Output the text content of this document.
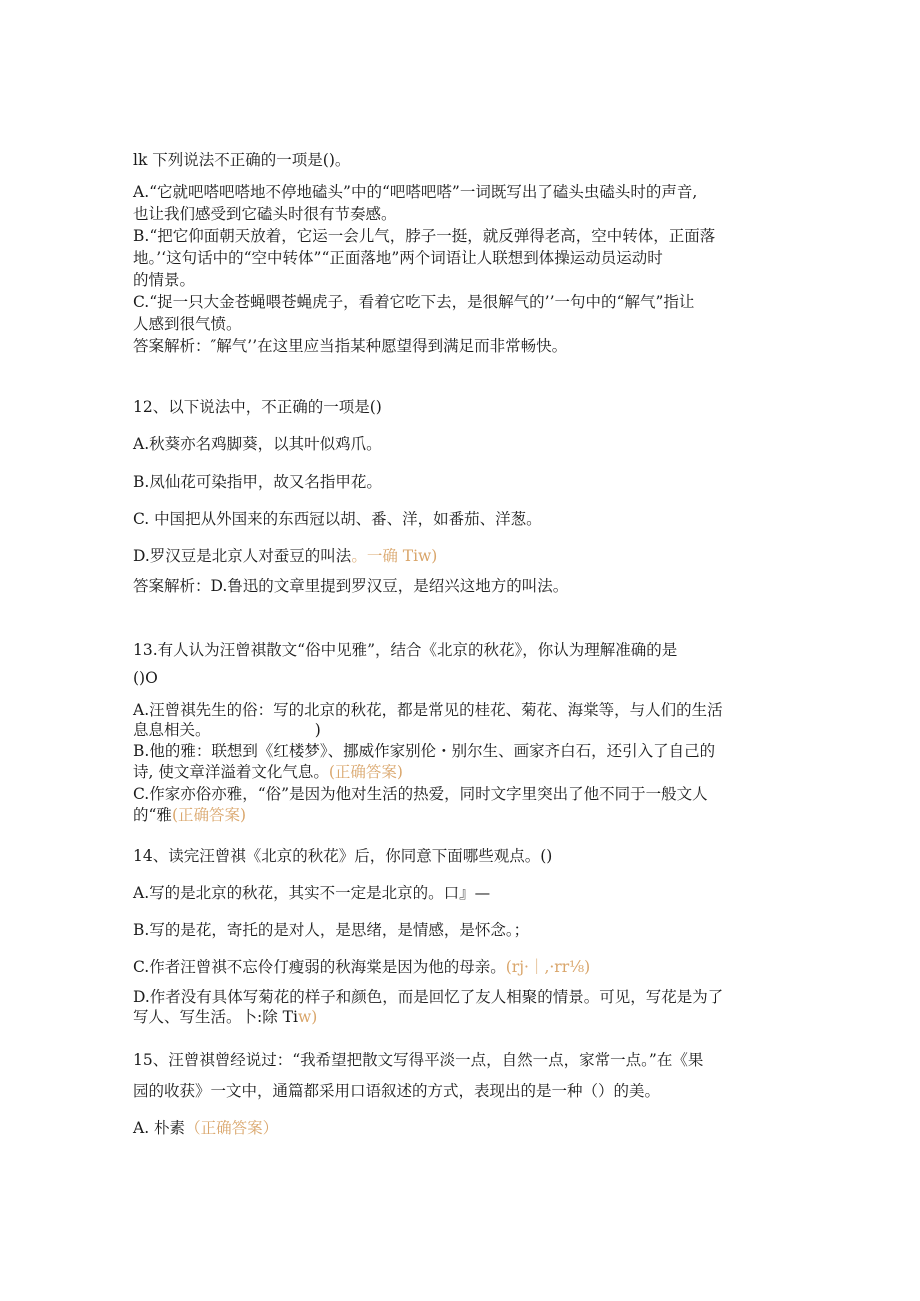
lk 下列说法不正确的一项是()。
A.“它就吧嗒吧嗒地不停地磕头”中的“吧嗒吧嗒”一词既写出了磕头虫磕头时的声音,
也让我们感受到它磕头时很有节奏感。
B.“把它仰面朝天放着，它运一会儿气，脖子一挺，就反弹得老高，空中转体，正面落
地。’‘这句话中的“空中转体”“正面落地”两个词语让人联想到体操运动员运动时
的情景。
C.“捉一只大金苍蝇喂苍蝇虎子，看着它吃下去，是很解气的’’一句中的“解气”指让
人感到很气愤。
答案解析：″解气’’在这里应当指某种愿望得到满足而非常畅快。
12、以下说法中，不正确的一项是()
A.秋葵亦名鸡脚葵，以其叶似鸡爪。
B.凤仙花可染指甲，故又名指甲花。
C. 中国把从外国来的东西冠以胡、番、洋，如番茄、洋葱。
D.罗汉豆是北京人对蚕豆的叫法。一确 Tiw)
答案解析：D.鲁迅的文章里提到罗汉豆，是绍兴这地方的叫法。
13.有人认为汪曾祺散文“俗中见雅”，结合《北京的秋花》，你认为理解准确的是
()O
A.汪曾祺先生的俗：写的北京的秋花，都是常见的桂花、菊花、海棠等，与人们的生活
息息相关。	)
B.他的雅：联想到《红楼梦》、挪威作家别伦・别尔生、画家齐白石，还引入了自己的
诗, 使文章洋溢着文化气息。(正确答案)
C.作家亦俗亦雅，“俗”是因为他对生活的热爱，同时文字里突出了他不同于一般文人
的“雅(正确答案)
14、读完汪曾祺《北京的秋花》后，你同意下面哪些观点。()
A.写的是北京的秋花，其实不一定是北京的。口』—
B.写的是花，寄托的是对人，是思绪，是情感，是怀念。；
C.作者汪曾祺不忘伶仃瘦弱的秋海棠是因为他的母亲。(rj·｜,·rr⅛)
D.作者没有具体写菊花的样子和颜色，而是回忆了友人相聚的情景。可见，写花是为了
写人、写生活。卜:除 Tiw)
15、汪曾祺曾经说过：“我希望把散文写得平淡一点，自然一点，家常一点。”在《果
园的收获》一文中，通篇都采用口语叙述的方式，表现出的是一种（）的美。
A. 朴素（正确答案）
